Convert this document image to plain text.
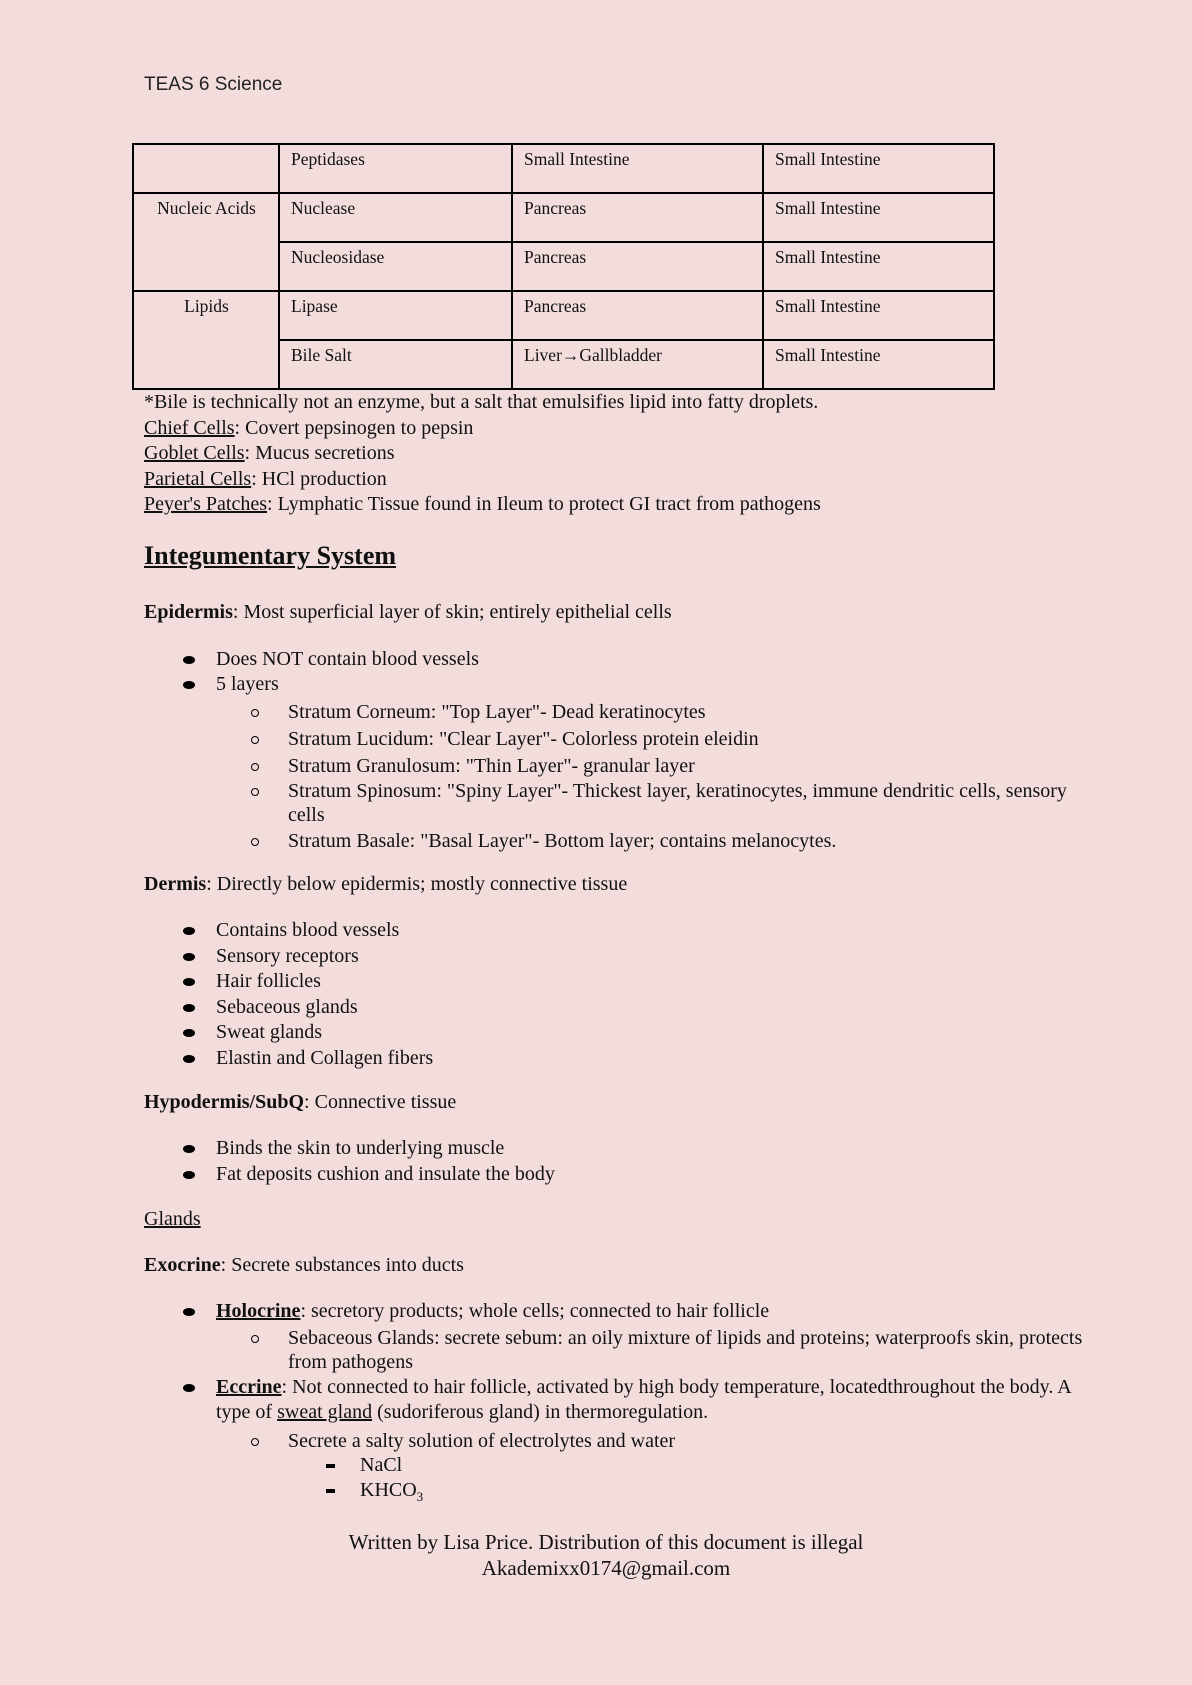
TEAS 6 Science
	Peptidases	Small Intestine	Small Intestine
Nucleic Acids	Nuclease	Pancreas	Small Intestine
	Nucleosidase	Pancreas	Small Intestine
Lipids	Lipase	Pancreas	Small Intestine
	Bile Salt	Liver→Gallbladder	Small Intestine
*Bile is technically not an enzyme, but a salt that emulsifies lipid into fatty droplets.
Chief Cells: Covert pepsinogen to pepsin
Goblet Cells: Mucus secretions
Parietal Cells: HCl production
Peyer's Patches: Lymphatic Tissue found in Ileum to protect GI tract from pathogens
Integumentary System

Epidermis: Most superficial layer of skin; entirely epithelial cells

Does NOT contain blood vessels
5 layers
Stratum Corneum: "Top Layer"- Dead keratinocytes
Stratum Lucidum: "Clear Layer"- Colorless protein eleidin
Stratum Granulosum: "Thin Layer"- granular layer
Stratum Spinosum: "Spiny Layer"- Thickest layer, keratinocytes, immune dendritic cells, sensory cells
Stratum Basale: "Basal Layer"- Bottom layer; contains melanocytes.

Dermis: Directly below epidermis; mostly connective tissue

Contains blood vessels
Sensory receptors
Hair follicles
Sebaceous glands
Sweat glands
Elastin and Collagen fibers

Hypodermis/SubQ: Connective tissue

Binds the skin to underlying muscle
Fat deposits cushion and insulate the body

Glands

Exocrine: Secrete substances into ducts

Holocrine: secretory products; whole cells; connected to hair follicle
Sebaceous Glands: secrete sebum: an oily mixture of lipids and proteins; waterproofs skin, protects from pathogens
Eccrine: Not connected to hair follicle, activated by high body temperature, locatedthroughout the body. A type of sweat gland (sudoriferous gland) in thermoregulation.
Secrete a salty solution of electrolytes and water
NaCl
$KHCO_3$
Written by Lisa Price. Distribution of this document is illegal
Akademixx0174@gmail.com
